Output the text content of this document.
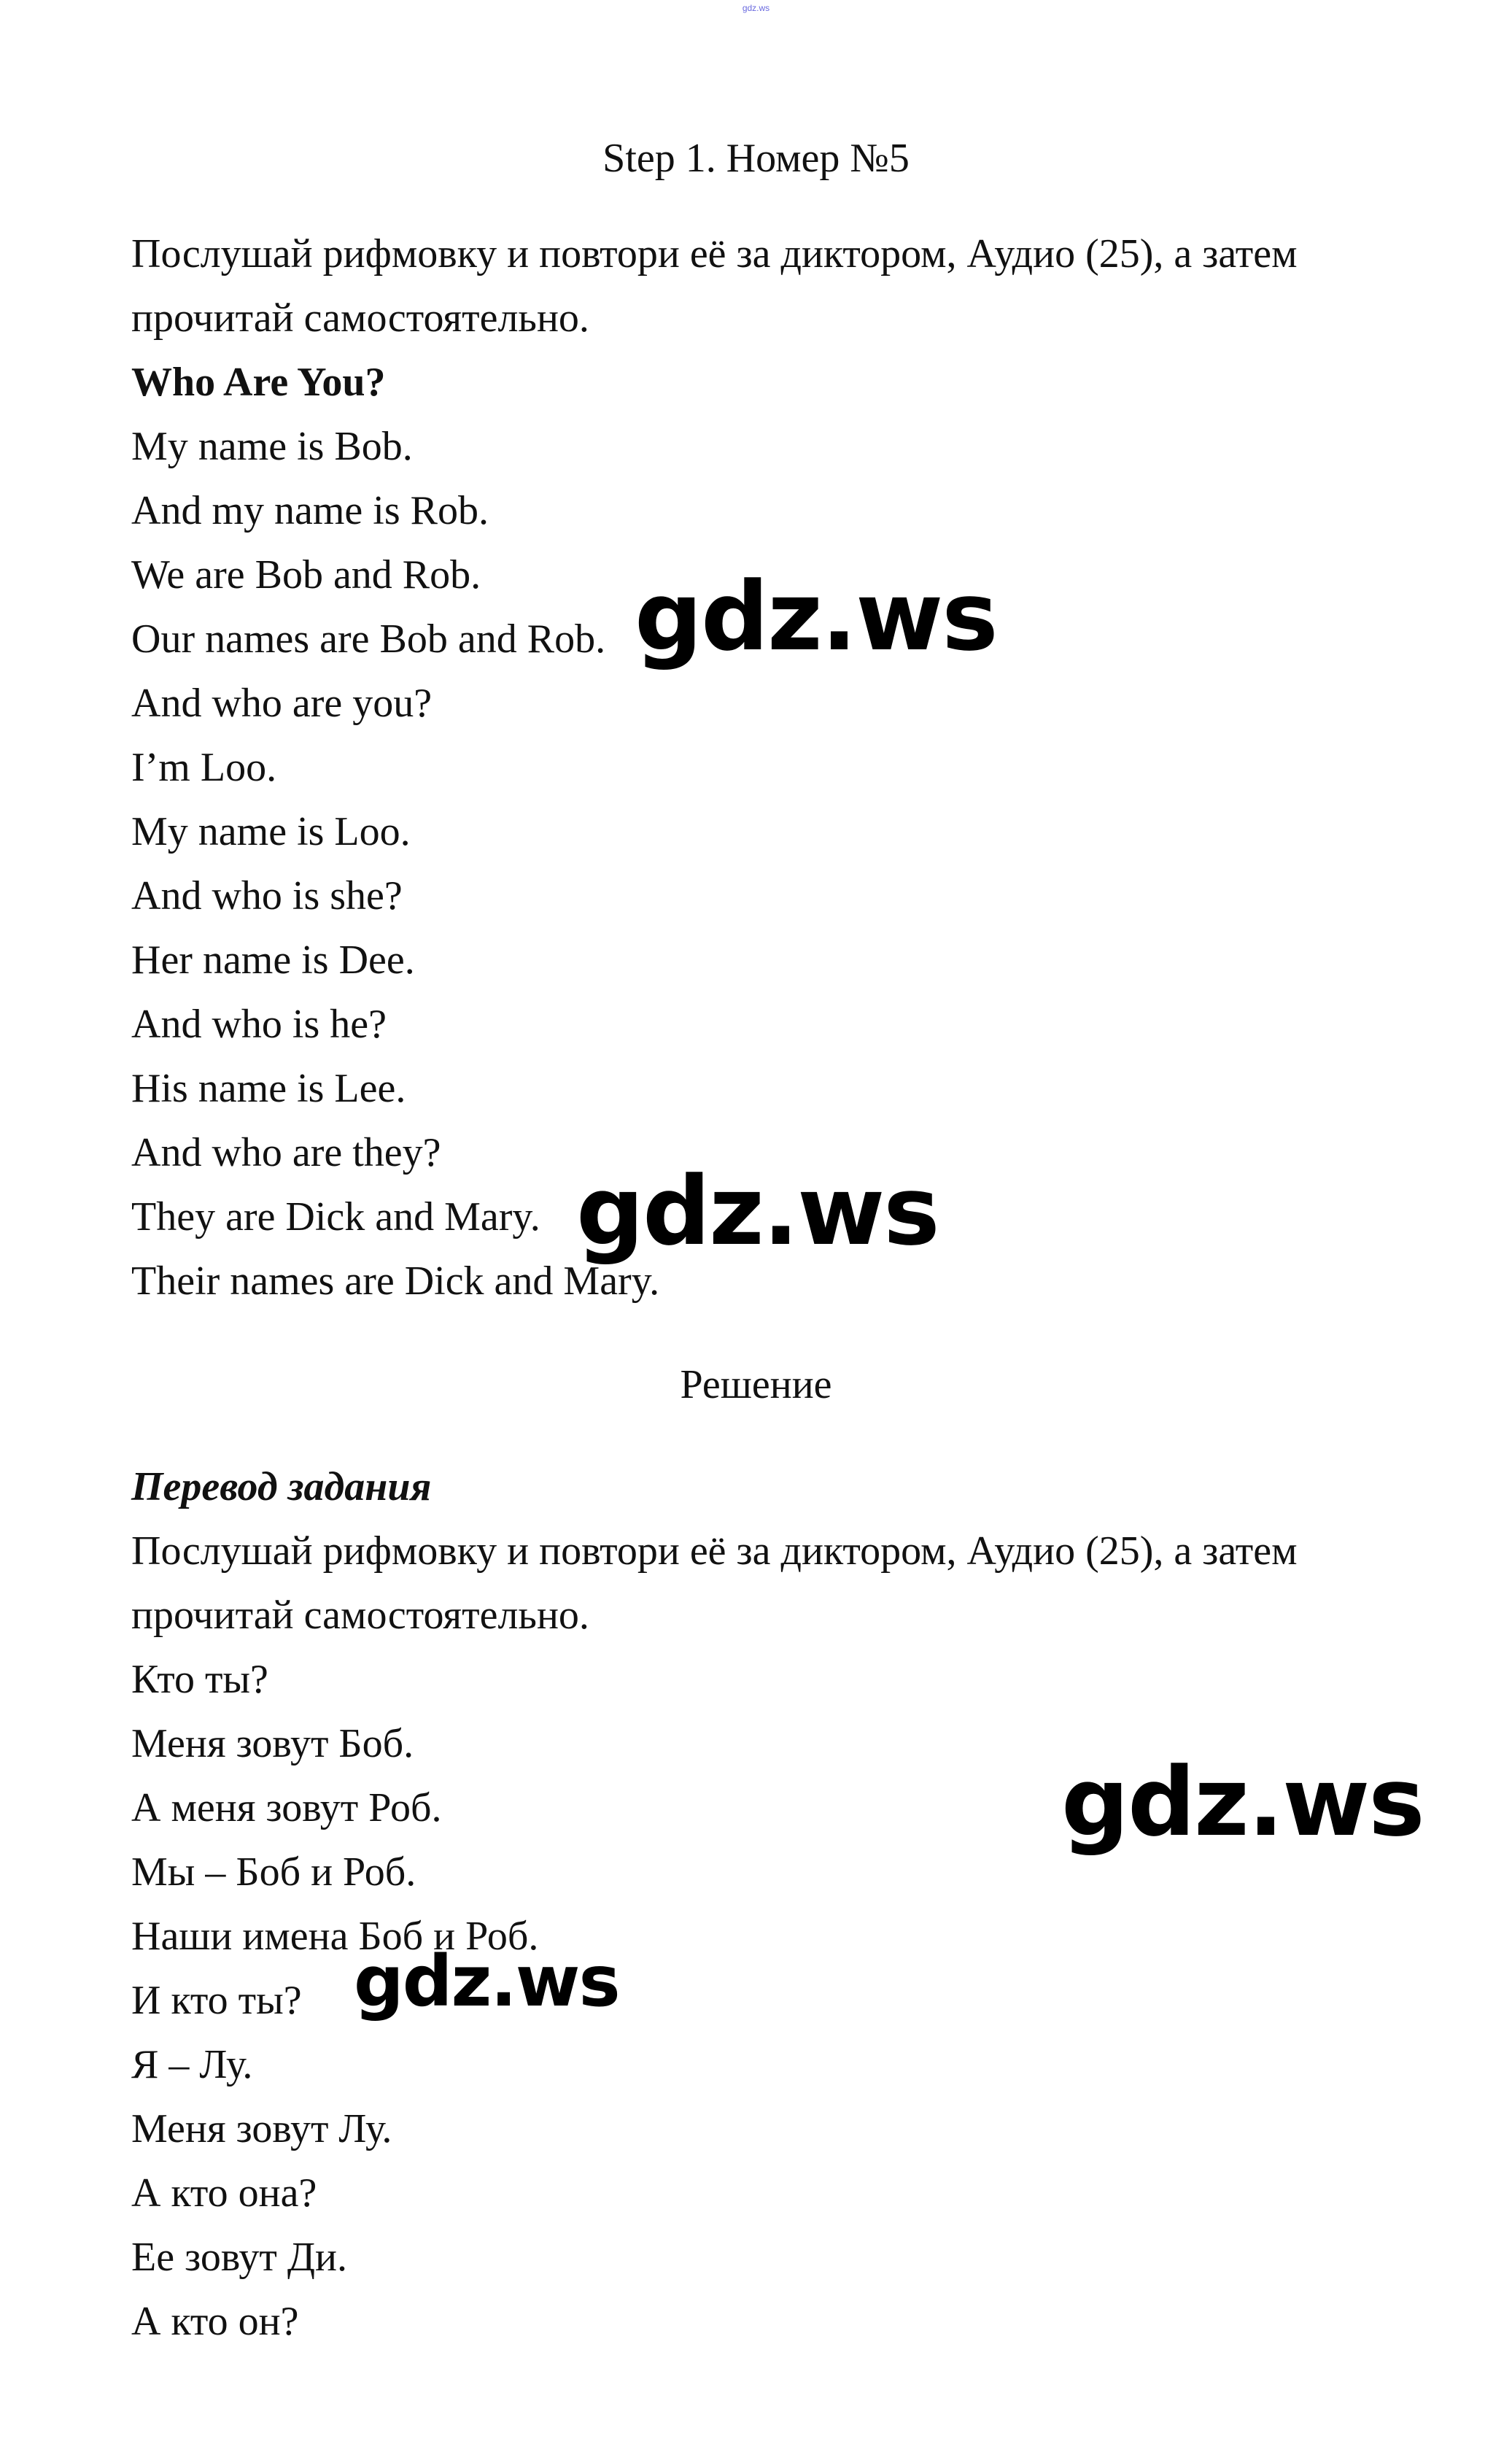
gdz.ws
Step 1. Номер №5
Послушай рифмовку и повтори её за диктором, Аудио (25), а затем
прочитай самостоятельно.
Who Are You?
My name is Bob.
And my name is Rob.
We are Bob and Rob.
Our names are Bob and Rob.
And who are you?
I’m Loo.
My name is Loo.
And who is she?
Her name is Dee.
And who is he?
His name is Lee.
And who are they?
They are Dick and Mary.
Their names are Dick and Mary.
Решение
Перевод задания
Послушай рифмовку и повтори её за диктором, Аудио (25), а затем
прочитай самостоятельно.
Кто ты?
Меня зовут Боб.
А меня зовут Роб.
Мы – Боб и Роб.
Наши имена Боб и Роб.
И кто ты?
Я – Лу.
Меня зовут Лу.
А кто она?
Ее зовут Ди.
А кто он?
gdz.ws
gdz.ws
gdz.ws
gdz.ws
